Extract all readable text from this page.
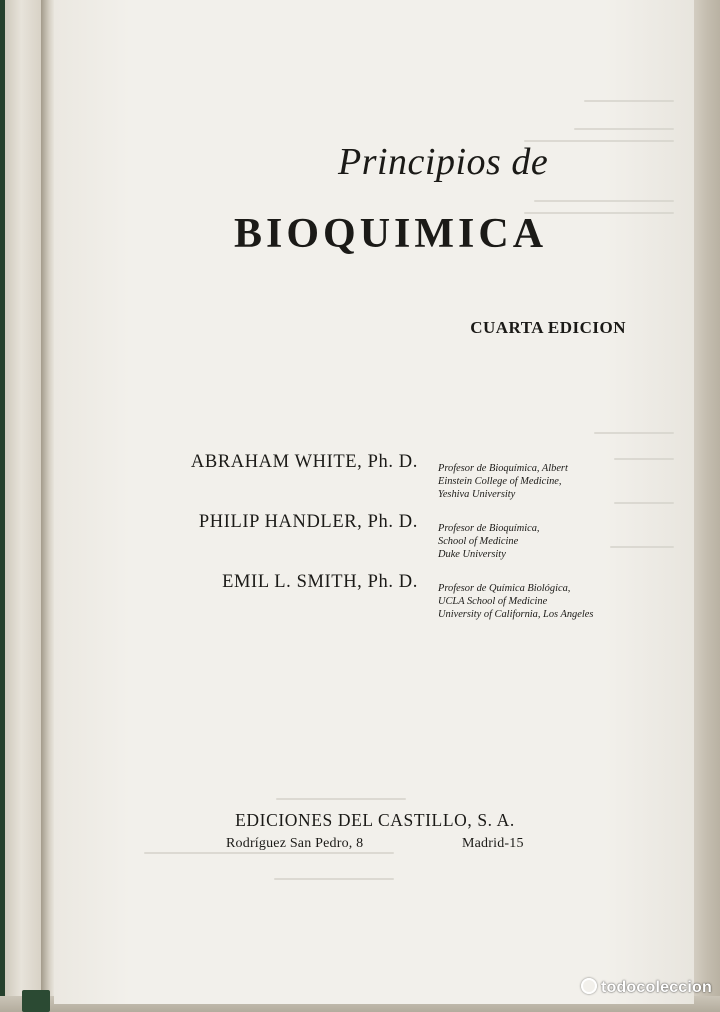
Principios de
BIOQUIMICA
CUARTA EDICION
ABRAHAM WHITE, Ph. D. Profesor de Bioquímica, Albert
Einstein College of Medicine,
Yeshiva University
PHILIP HANDLER, Ph. D. Profesor de Bioquímica,
School of Medicine
Duke University
EMIL L. SMITH, Ph. D. Profesor de Química Biológica,
UCLA School of Medicine
University of California, Los Angeles
EDICIONES DEL CASTILLO, S. A.
Rodríguez San Pedro, 8	Madrid-15
todocoleccion
